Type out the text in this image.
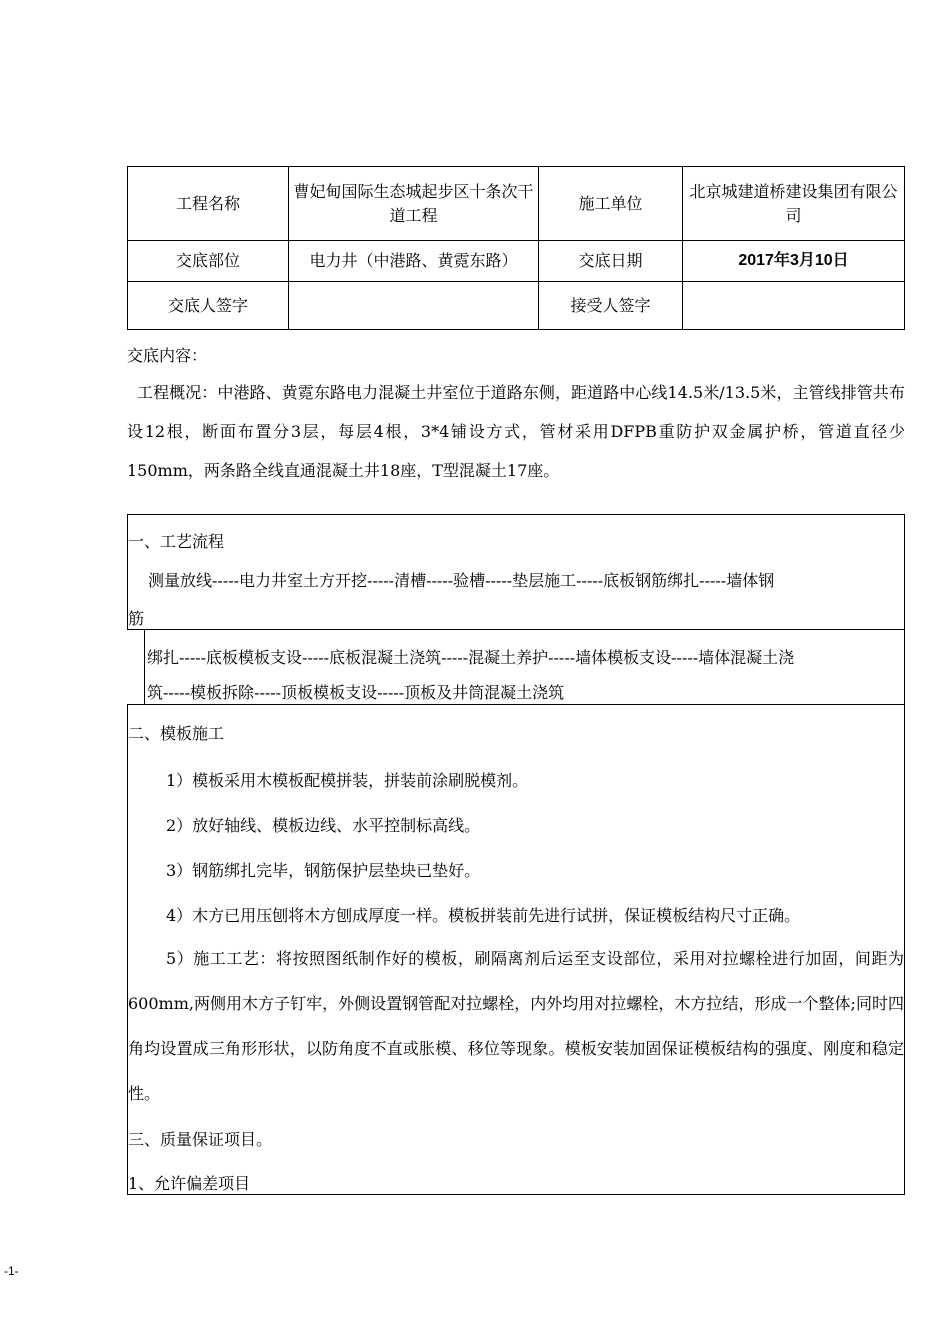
工程名称	曹妃甸国际生态城起步区十条次干道工程	施工单位	北京城建道桥建设集团有限公司
交底部位	电力井（中港路、黄霓东路）	交底日期	2017年3月10日
交底人签字		接受人签字	
交底内容：
工程概况：中港路、黄霓东路电力混凝土井室位于道路东侧，距道路中心线14.5米/13.5米，主管线排管共布设12根，断面布置分3层，每层4根，3*4铺设方式，管材采用DFPB重防护双金属护桥，管道直径少150mm，两条路全线直通混凝土井18座，T型混凝土17座。
一、工艺流程
测量放线-----电力井室土方开挖-----清槽-----验槽-----垫层施工-----底板钢筋绑扎-----墙体钢
筋
绑扎-----底板模板支设-----底板混凝土浇筑-----混凝土养护-----墙体模板支设-----墙体混凝土浇
筑-----模板拆除-----顶板模板支设-----顶板及井筒混凝土浇筑
二、模板施工
1）模板采用木模板配模拼装，拼装前涂刷脱模剂。
2）放好轴线、模板边线、水平控制标高线。
3）钢筋绑扎完毕，钢筋保护层垫块已垫好。
4）木方已用压刨将木方刨成厚度一样。模板拼装前先进行试拼，保证模板结构尺寸正确。
5）施工工艺：将按照图纸制作好的模板，刷隔离剂后运至支设部位，采用对拉螺栓进行加固，间距为600mm,两侧用木方子钉牢，外侧设置钢管配对拉螺栓，内外均用对拉螺栓，木方拉结，形成一个整体;同时四角均设置成三角形形状，以防角度不直或胀模、移位等现象。模板安装加固保证模板结构的强度、刚度和稳定性。
三、质量保证项目。
1、允许偏差项目
-1-
